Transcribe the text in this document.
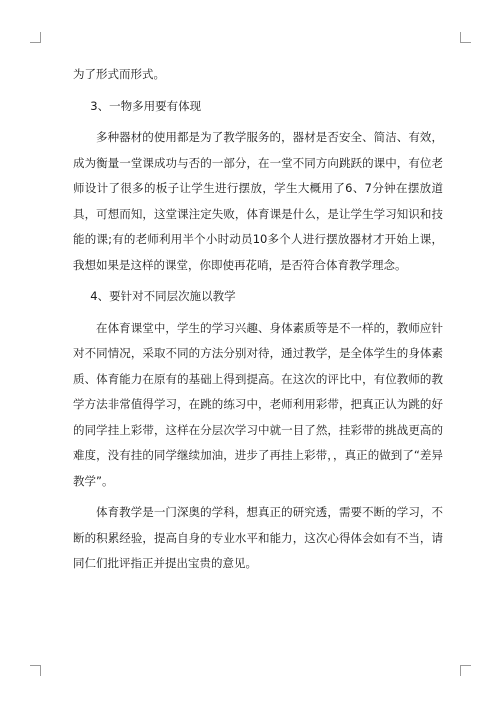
为了形式而形式。

3、一物多用要有体现

多种器材的使用都是为了教学服务的，器材是否安全、简洁、有效，成为衡量一堂课成功与否的一部分，在一堂不同方向跳跃的课中，有位老师设计了很多的板子让学生进行摆放，学生大概用了6、7分钟在摆放道具，可想而知，这堂课注定失败，体育课是什么，是让学生学习知识和技能的课;有的老师利用半个小时动员10多个人进行摆放器材才开始上课，我想如果是这样的课堂，你即使再花哨，是否符合体育教学理念。

4、要针对不同层次施以教学

在体育课堂中，学生的学习兴趣、身体素质等是不一样的，教师应针对不同情况，采取不同的方法分别对待，通过教学，是全体学生的身体素质、体育能力在原有的基础上得到提高。在这次的评比中，有位教师的教学方法非常值得学习，在跳的练习中，老师利用彩带，把真正认为跳的好的同学挂上彩带，这样在分层次学习中就一目了然，挂彩带的挑战更高的难度，没有挂的同学继续加油，进步了再挂上彩带，，真正的做到了“差异教学”。

体育教学是一门深奥的学科，想真正的研究透，需要不断的学习，不断的积累经验，提高自身的专业水平和能力，这次心得体会如有不当，请同仁们批评指正并提出宝贵的意见。
